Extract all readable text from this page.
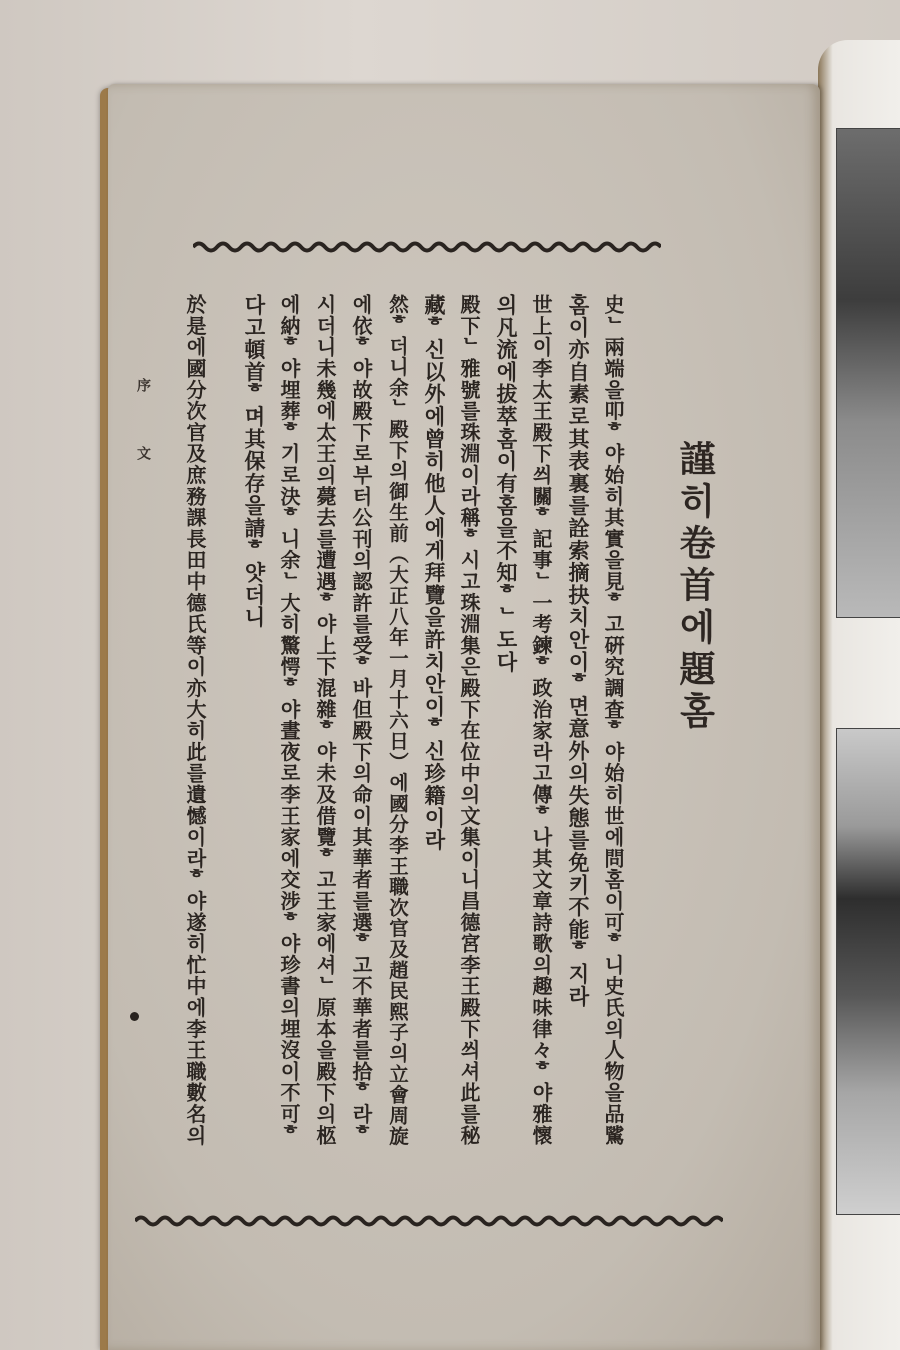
謹히卷首에題홈
史ᄂ兩端을叩ᄒ야始히其實을見ᄒ고硏究調査ᄒ야始히世에問홈이可ᄒ니史氏의人物을品騭
홈이亦自素로其表裏를詮索摘抉치안이ᄒ면意外의失態를免키不能ᄒ지라
世上이李太王殿下씌關ᄒ記事ᄂ一考鍊ᄒ政治家라고傳ᄒ나其文章詩歌의趣味律々ᄒ야雅懷
의凡流에拔萃홈이有홈을不知ᄒᄂ도다
殿下ᄂ雅號를珠淵이라稱ᄒ시고珠淵集은殿下在位中의文集이니昌德宮李王殿下씌셔此를秘
藏ᄒ신以外에曾히他人에게拜覽을許치안이ᄒ신珍籍이라
然ᄒ더니余ᄂ殿下의御生前（大正八年一月十六日）에國分李王職次官及趙民熙子의立會周旋
에依ᄒ야故殿下로부터公刊의認許를受ᄒ바但殿下의命이其華者를選ᄒ고不華者를拾ᄒ라ᄒ
시더니未幾에太王의薨去를遭遇ᄒ야上下混雜ᄒ야未及借覽ᄒ고王家에셔ᄂ原本을殿下의柩
에納ᄒ야埋葬ᄒ기로決ᄒ니余ᄂ大히驚愕ᄒ야晝夜로李王家에交涉ᄒ야珍書의埋沒이不可ᄒ
다고頓首ᄒ며其保存을請ᄒ얏더니
於是에國分次官及庶務課長田中德氏等이亦大히此를遺憾이라ᄒ야遂히忙中에李王職數名의
序文
